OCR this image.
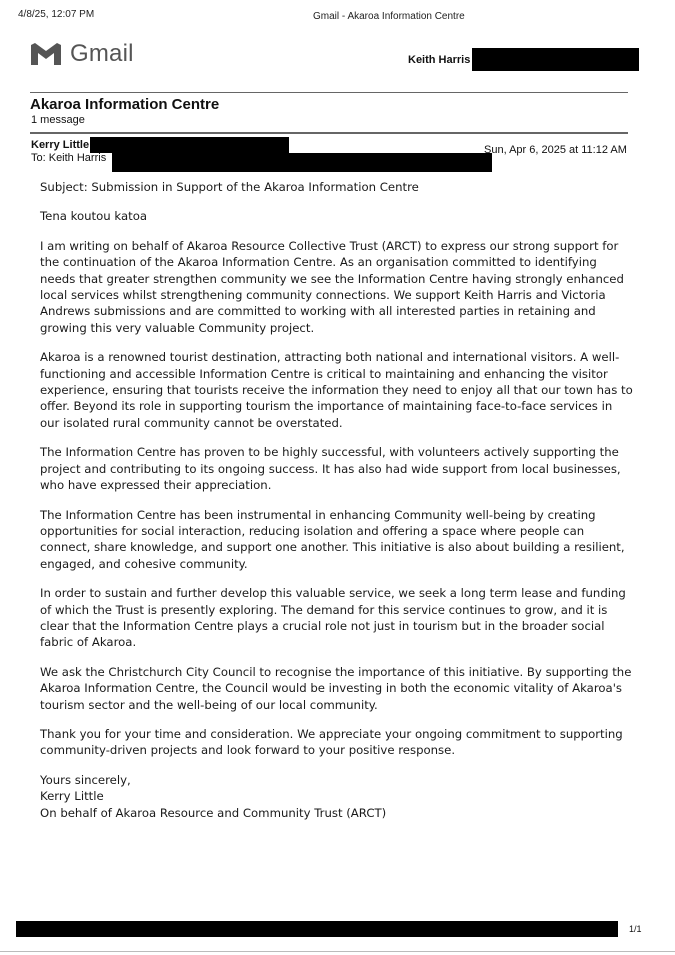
4/8/25, 12:07 PM	Gmail - Akaroa Information Centre
Gmail	Keith Harris
Akaroa Information Centre
1 message
Kerry Little
To: Keith Harris
Sun, Apr 6, 2025 at 11:12 AM

Subject: Submission in Support of the Akaroa Information Centre

Tena koutou katoa

I am writing on behalf of Akaroa Resource Collective Trust (ARCT) to express our strong support for the continuation of the Akaroa Information Centre. As an organisation committed to identifying needs that greater strengthen community we see the Information Centre having strongly enhanced local services whilst strengthening community connections. We support Keith Harris and Victoria Andrews submissions and are committed to working with all interested parties in retaining and growing this very valuable Community project.

Akaroa is a renowned tourist destination, attracting both national and international visitors. A well-functioning and accessible Information Centre is critical to maintaining and enhancing the visitor experience, ensuring that tourists receive the information they need to enjoy all that our town has to offer. Beyond its role in supporting tourism the importance of maintaining face-to-face services in our isolated rural community cannot be overstated.

The Information Centre has proven to be highly successful, with volunteers actively supporting the project and contributing to its ongoing success. It has also had wide support from local businesses, who have expressed their appreciation.

The Information Centre has been instrumental in enhancing Community well-being by creating opportunities for social interaction, reducing isolation and offering a space where people can connect, share knowledge, and support one another. This initiative is also about building a resilient, engaged, and cohesive community.

In order to sustain and further develop this valuable service, we seek a long term lease and funding of which the Trust is presently exploring. The demand for this service continues to grow, and it is clear that the Information Centre plays a crucial role not just in tourism but in the broader social fabric of Akaroa.

We ask the Christchurch City Council to recognise the importance of this initiative. By supporting the Akaroa Information Centre, the Council would be investing in both the economic vitality of Akaroa's tourism sector and the well-being of our local community.

Thank you for your time and consideration. We appreciate your ongoing commitment to supporting community-driven projects and look forward to your positive response.

Yours sincerely,

Kerry Little

On behalf of Akaroa Resource and Community Trust (ARCT)

1/1
